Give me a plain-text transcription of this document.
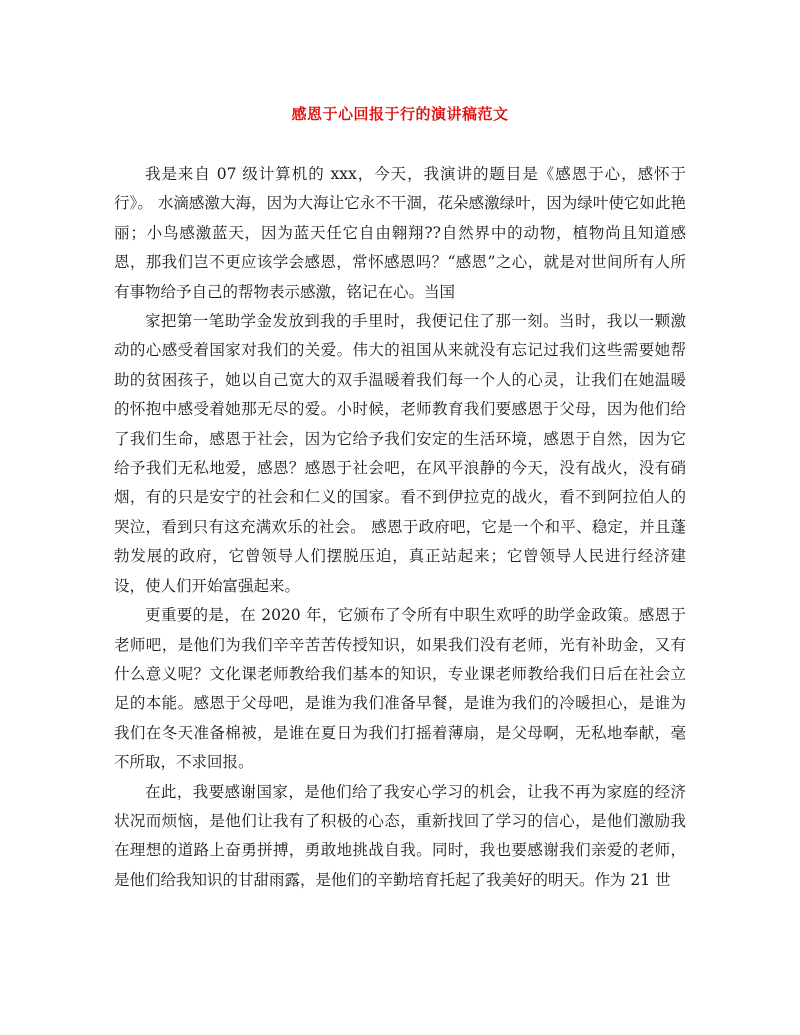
感恩于心回报于行的演讲稿范文

我是来自 07 级计算机的 xxx，今天，我演讲的题目是《感恩于心，感怀于行》。 水滴感激大海，因为大海让它永不干涸，花朵感激绿叶，因为绿叶使它如此艳丽；小鸟感激蓝天，因为蓝天任它自由翱翔??自然界中的动物，植物尚且知道感恩，那我们岂不更应该学会感恩，常怀感恩吗？“感恩”之心，就是对世间所有人所有事物给予自己的帮物表示感激，铭记在心。当国

家把第一笔助学金发放到我的手里时，我便记住了那一刻。当时，我以一颗激动的心感受着国家对我们的关爱。伟大的祖国从来就没有忘记过我们这些需要她帮助的贫困孩子，她以自己宽大的双手温暖着我们每一个人的心灵，让我们在她温暖的怀抱中感受着她那无尽的爱。小时候，老师教育我们要感恩于父母，因为他们给了我们生命，感恩于社会，因为它给予我们安定的生活环境，感恩于自然，因为它给予我们无私地爱，感恩？感恩于社会吧，在风平浪静的今天，没有战火，没有硝烟，有的只是安宁的社会和仁义的国家。看不到伊拉克的战火，看不到阿拉伯人的哭泣，看到只有这充满欢乐的社会。 感恩于政府吧，它是一个和平、稳定，并且蓬勃发展的政府，它曾领导人们摆脱压迫，真正站起来；它曾领导人民进行经济建设，使人们开始富强起来。

更重要的是，在 2020 年，它颁布了令所有中职生欢呼的助学金政策。感恩于老师吧，是他们为我们辛辛苦苦传授知识，如果我们没有老师，光有补助金，又有什么意义呢？文化课老师教给我们基本的知识，专业课老师教给我们日后在社会立足的本能。感恩于父母吧，是谁为我们准备早餐，是谁为我们的冷暖担心，是谁为我们在冬天准备棉被，是谁在夏日为我们打摇着薄扇，是父母啊，无私地奉献，毫不所取，不求回报。

在此，我要感谢国家，是他们给了我安心学习的机会，让我不再为家庭的经济状况而烦恼，是他们让我有了积极的心态，重新找回了学习的信心，是他们激励我在理想的道路上奋勇拼搏，勇敢地挑战自我。同时，我也要感谢我们亲爱的老师，是他们给我知识的甘甜雨露，是他们的辛勤培育托起了我美好的明天。作为 21 世
